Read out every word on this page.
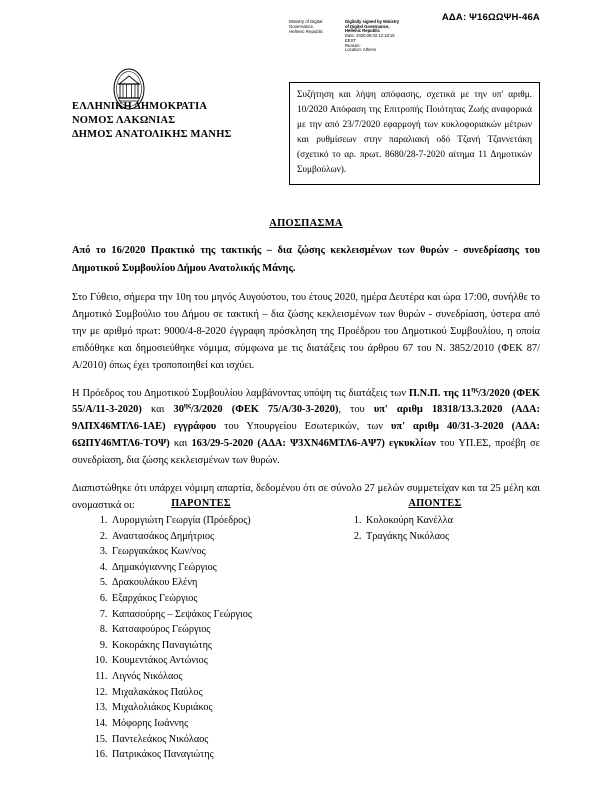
ΑΔΑ: Ψ16ΩΩΨΗ-46Α
Ministry of Digital
Governance,
Hellenic Republic
Digitally signed by Ministry
of Digital Governance,
Hellenic Republic
Date: 2020.08.03 12:18:16
EEST
Reason:
Location: Athens
ΕΛΛΗΝΙΚΗ ΔΗΜΟΚΡΑΤΙΑ
ΝΟΜΟΣ ΛΑΚΩΝΙΑΣ
ΔΗΜΟΣ ΑΝΑΤΟΛΙΚΗΣ ΜΑΝΗΣ
Συζήτηση και λήψη απόφασης, σχετικά με την υπ' αριθμ. 10/2020 Απόφαση της Επιτροπής Ποιότητας Ζωής αναφορικά με την από 23/7/2020 εφαρμογή των κυκλοφοριακών μέτρων και ρυθμίσεων στην παραλιακή οδό Τζανή Τζαννετάκη (σχετικό το αρ. πρωτ. 8680/28-7-2020 αίτημα 11 Δημοτικών Συμβούλων).
ΑΠΟΣΠΑΣΜΑ

Από το 16/2020 Πρακτικό της τακτικής – δια ζώσης κεκλεισμένων των θυρών - συνεδρίασης του Δημοτικού Συμβουλίου Δήμου Ανατολικής Μάνης.

Στο Γύθειο, σήμερα την 10η του μηνός Αυγούστου, του έτους 2020, ημέρα Δευτέρα και ώρα 17:00, συνήλθε το Δημοτικό Συμβούλιο του Δήμου σε τακτική – δια ζώσης κεκλεισμένων των θυρών - συνεδρίαση, ύστερα από την με αριθμό πρωτ: 9000/4-8-2020 έγγραφη πρόσκληση της Προέδρου του Δημοτικού Συμβουλίου, η οποία επιδόθηκε και δημοσιεύθηκε νόμιμα, σύμφωνα με τις διατάξεις του άρθρου 67 του Ν. 3852/2010 (ΦΕΚ 87/Α/2010) όπως έχει τροποποιηθεί και ισχύει.

Η Πρόεδρος του Δημοτικού Συμβουλίου λαμβάνοντας υπόψη τις διατάξεις των Π.Ν.Π. της $11^{\eta\varsigma}/3/2020$ (ΦΕΚ 55/Α/11-3-2020) και $30^{\eta\varsigma}/3/2020$ (ΦΕΚ 75/Α/30-3-2020), του υπ' αριθμ 18318/13.3.2020 (ΑΔΑ: 9ΛΠΧ46ΜΤΛ6-1ΑΕ) εγγράφου του Υπουργείου Εσωτερικών, των υπ' αριθμ 40/31-3-2020 (ΑΔΑ: 6ΩΠΥ46ΜΤΛ6-ΤΟΨ) και 163/29-5-2020 (ΑΔΑ: Ψ3ΧΝ46ΜΤΛ6-ΑΨ7) εγκυκλίων του ΥΠ.ΕΣ, προέβη σε συνεδρίαση, δια ζώσης κεκλεισμένων των θυρών.

Διαπιστώθηκε ότι υπάρχει νόμιμη απαρτία, δεδομένου ότι σε σύνολο 27 μελών συμμετείχαν και τα 25 μέλη και ονομαστικά οι:	ΠΑΡΟΝΤΕΣ	ΑΠΟΝΤΕΣ
1. Λυρομγιώτη Γεωργία (Πρόεδρος)
2. Αναστασάκος Δημήτριος
3. Γεωργακάκος Κων/νος
4. Δημακόγιαννης Γεώργιος
5. Δρακουλάκου Ελένη
6. Εξαρχάκος Γεώργιος
7. Καπασούρης – Σεψάκος Γεώργιος
8. Κατσαφούρος Γεώργιος
9. Κοκοράκης Παναγιώτης
10. Κουμεντάκος Αντώνιος
11. Λιγνός Νικόλαος
12. Μιχαλακάκος Παύλος
13. Μιχαλολιάκος Κυριάκος
14. Μόφορης Ιωάννης
15. Παντελεάκος Νικόλαος
16. Πατρικάκος Παναγιώτης
1. Κολοκούρη Κανέλλα
2. Τραγάκης Νικόλαος
